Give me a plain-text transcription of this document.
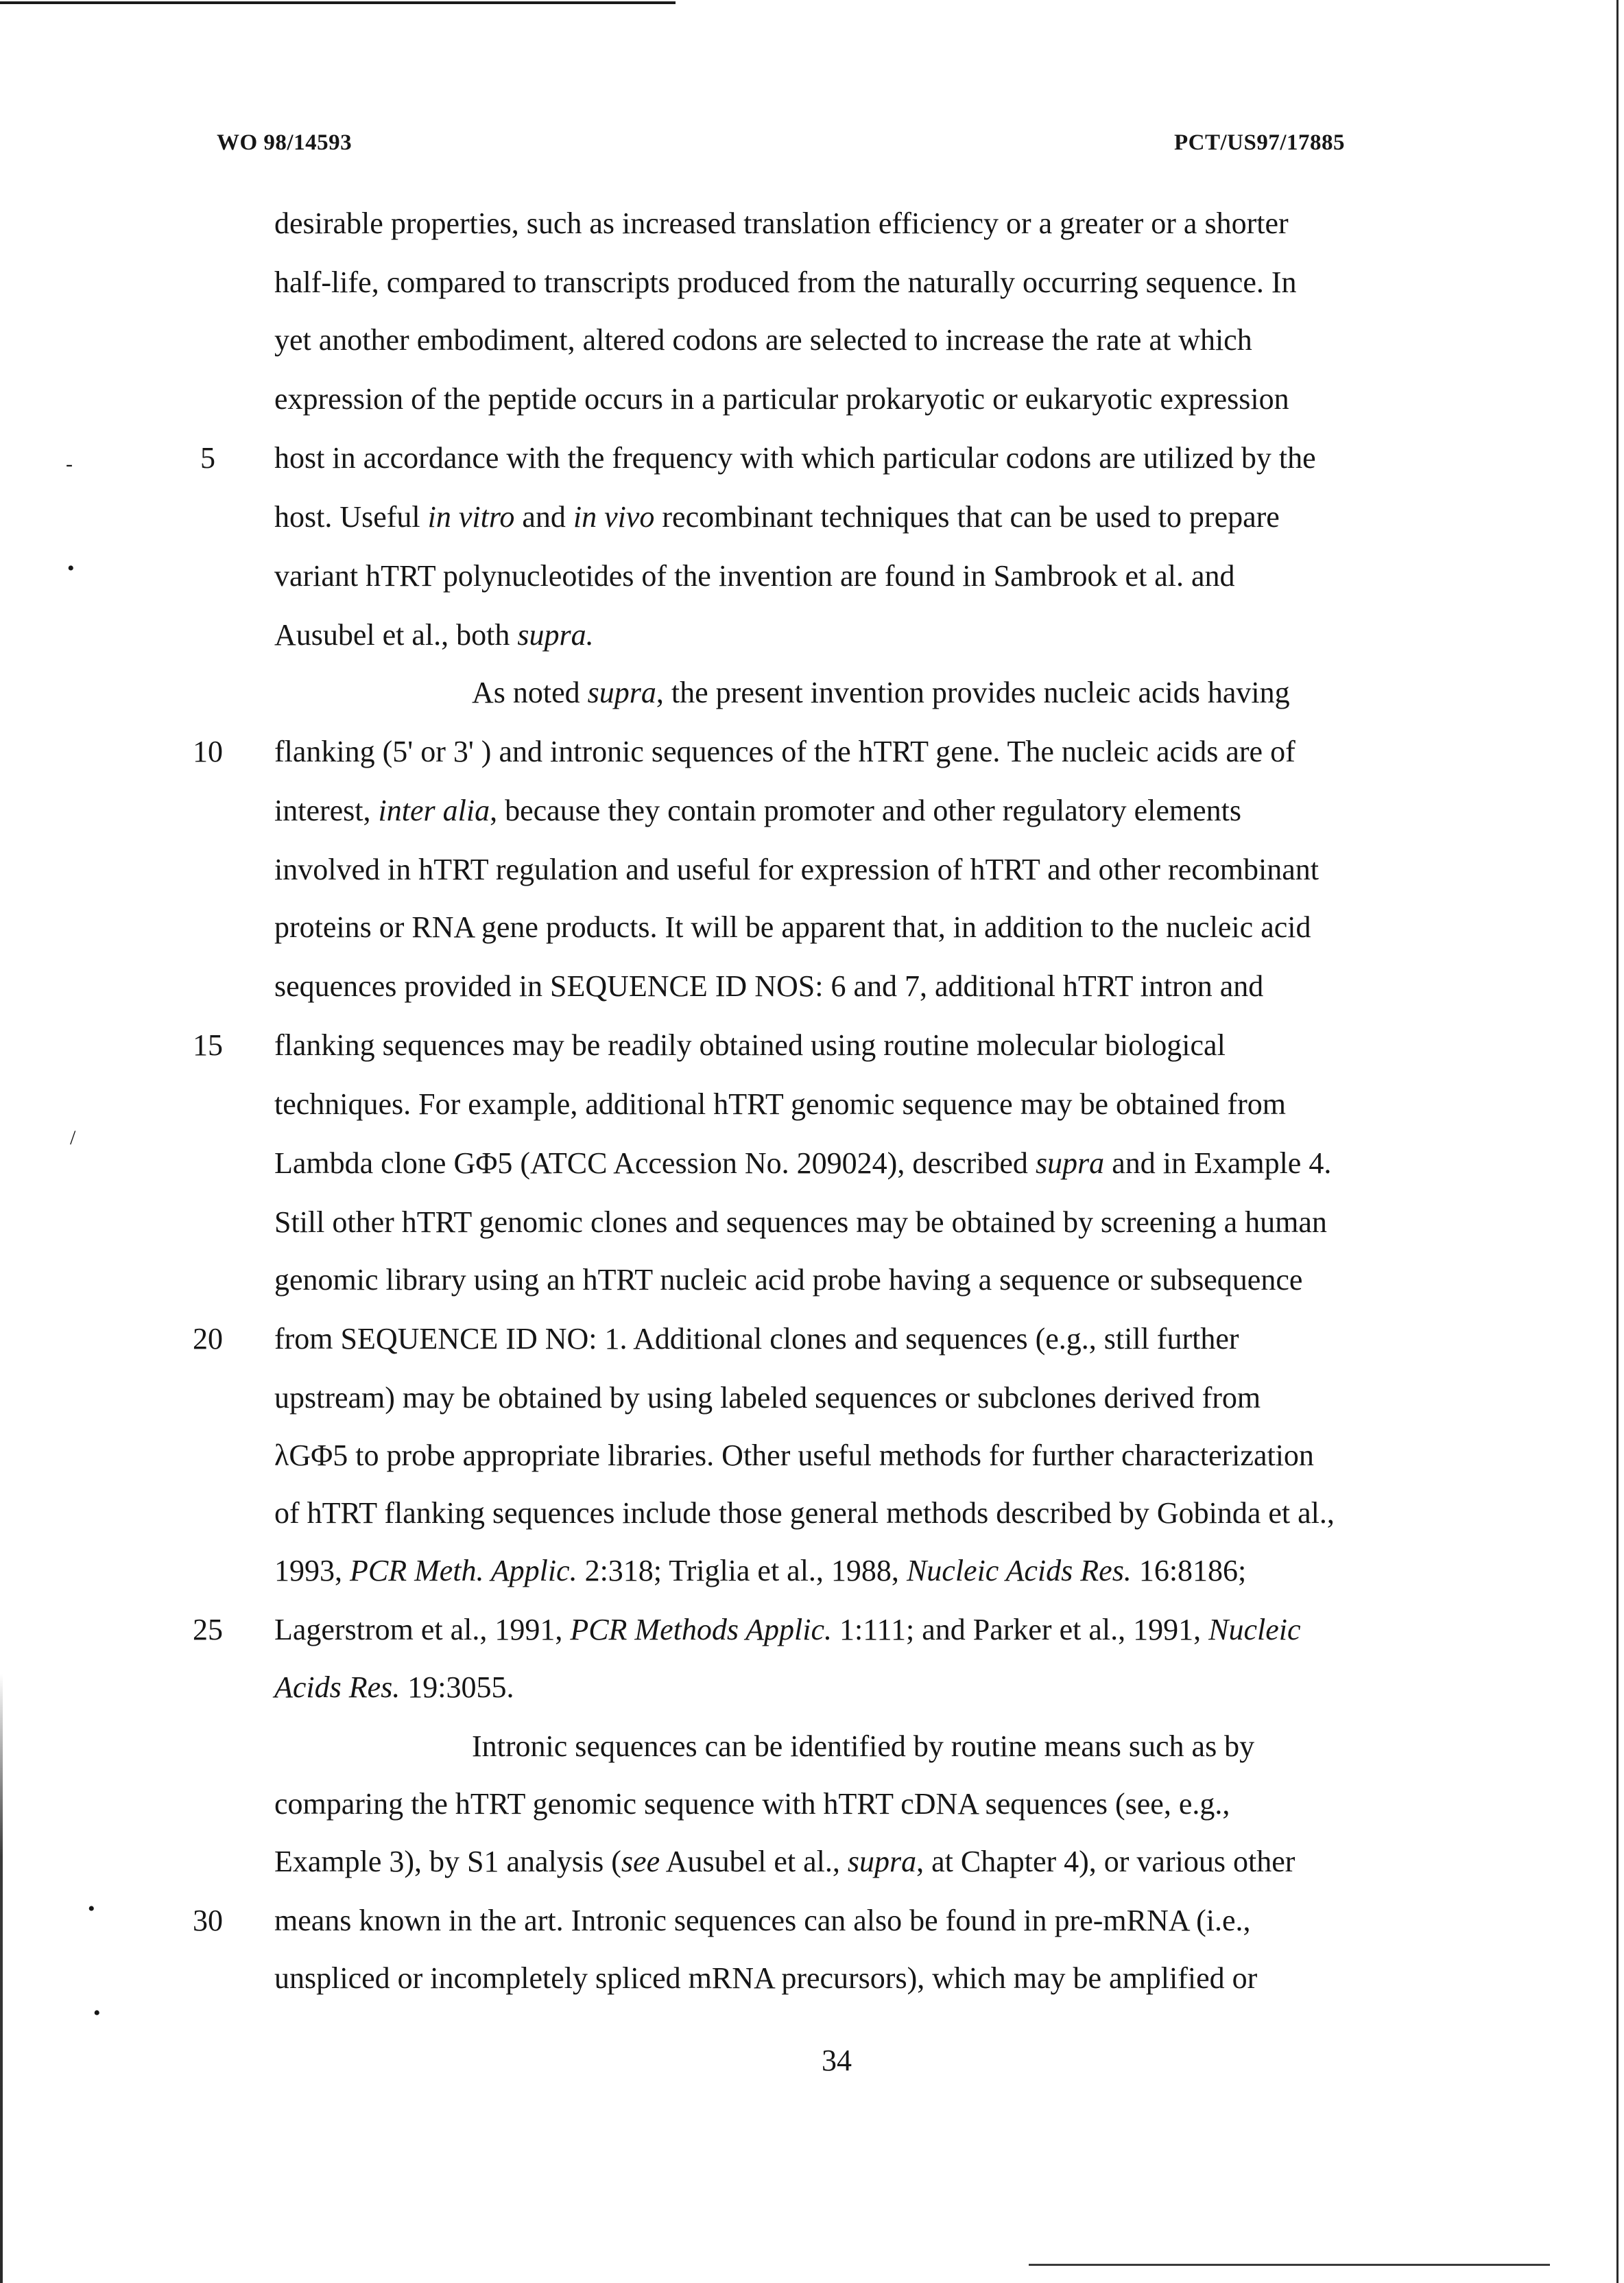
WO 98/14593	PCT/US97/17885
-
•
/
•
•
5
10
15
20
25
30
desirable properties, such as increased translation efficiency or a greater or a shorter
half-life, compared to transcripts produced from the naturally occurring sequence. In
yet another embodiment, altered codons are selected to increase the rate at which
expression of the peptide occurs in a particular prokaryotic or eukaryotic expression
host in accordance with the frequency with which particular codons are utilized by the
host. Useful in vitro and in vivo recombinant techniques that can be used to prepare
variant hTRT polynucleotides of the invention are found in Sambrook et al. and
Ausubel et al., both supra.
As noted supra, the present invention provides nucleic acids having
flanking (5' or 3' ) and intronic sequences of the hTRT gene. The nucleic acids are of
interest, inter alia, because they contain promoter and other regulatory elements
involved in hTRT regulation and useful for expression of hTRT and other recombinant
proteins or RNA gene products. It will be apparent that, in addition to the nucleic acid
sequences provided in SEQUENCE ID NOS: 6 and 7, additional hTRT intron and
flanking sequences may be readily obtained using routine molecular biological
techniques. For example, additional hTRT genomic sequence may be obtained from
Lambda clone GΦ5 (ATCC Accession No. 209024), described supra and in Example 4.
Still other hTRT genomic clones and sequences may be obtained by screening a human
genomic library using an hTRT nucleic acid probe having a sequence or subsequence
from SEQUENCE ID NO: 1. Additional clones and sequences (e.g., still further
upstream) may be obtained by using labeled sequences or subclones derived from
λGΦ5 to probe appropriate libraries. Other useful methods for further characterization
of hTRT flanking sequences include those general methods described by Gobinda et al.,
1993, PCR Meth. Applic. 2:318; Triglia et al., 1988, Nucleic Acids Res. 16:8186;
Lagerstrom et al., 1991, PCR Methods Applic. 1:111; and Parker et al., 1991, Nucleic
Acids Res. 19:3055.
Intronic sequences can be identified by routine means such as by
comparing the hTRT genomic sequence with hTRT cDNA sequences (see, e.g.,
Example 3), by S1 analysis (see Ausubel et al., supra, at Chapter 4), or various other
means known in the art. Intronic sequences can also be found in pre-mRNA (i.e.,
unspliced or incompletely spliced mRNA precursors), which may be amplified or
34
